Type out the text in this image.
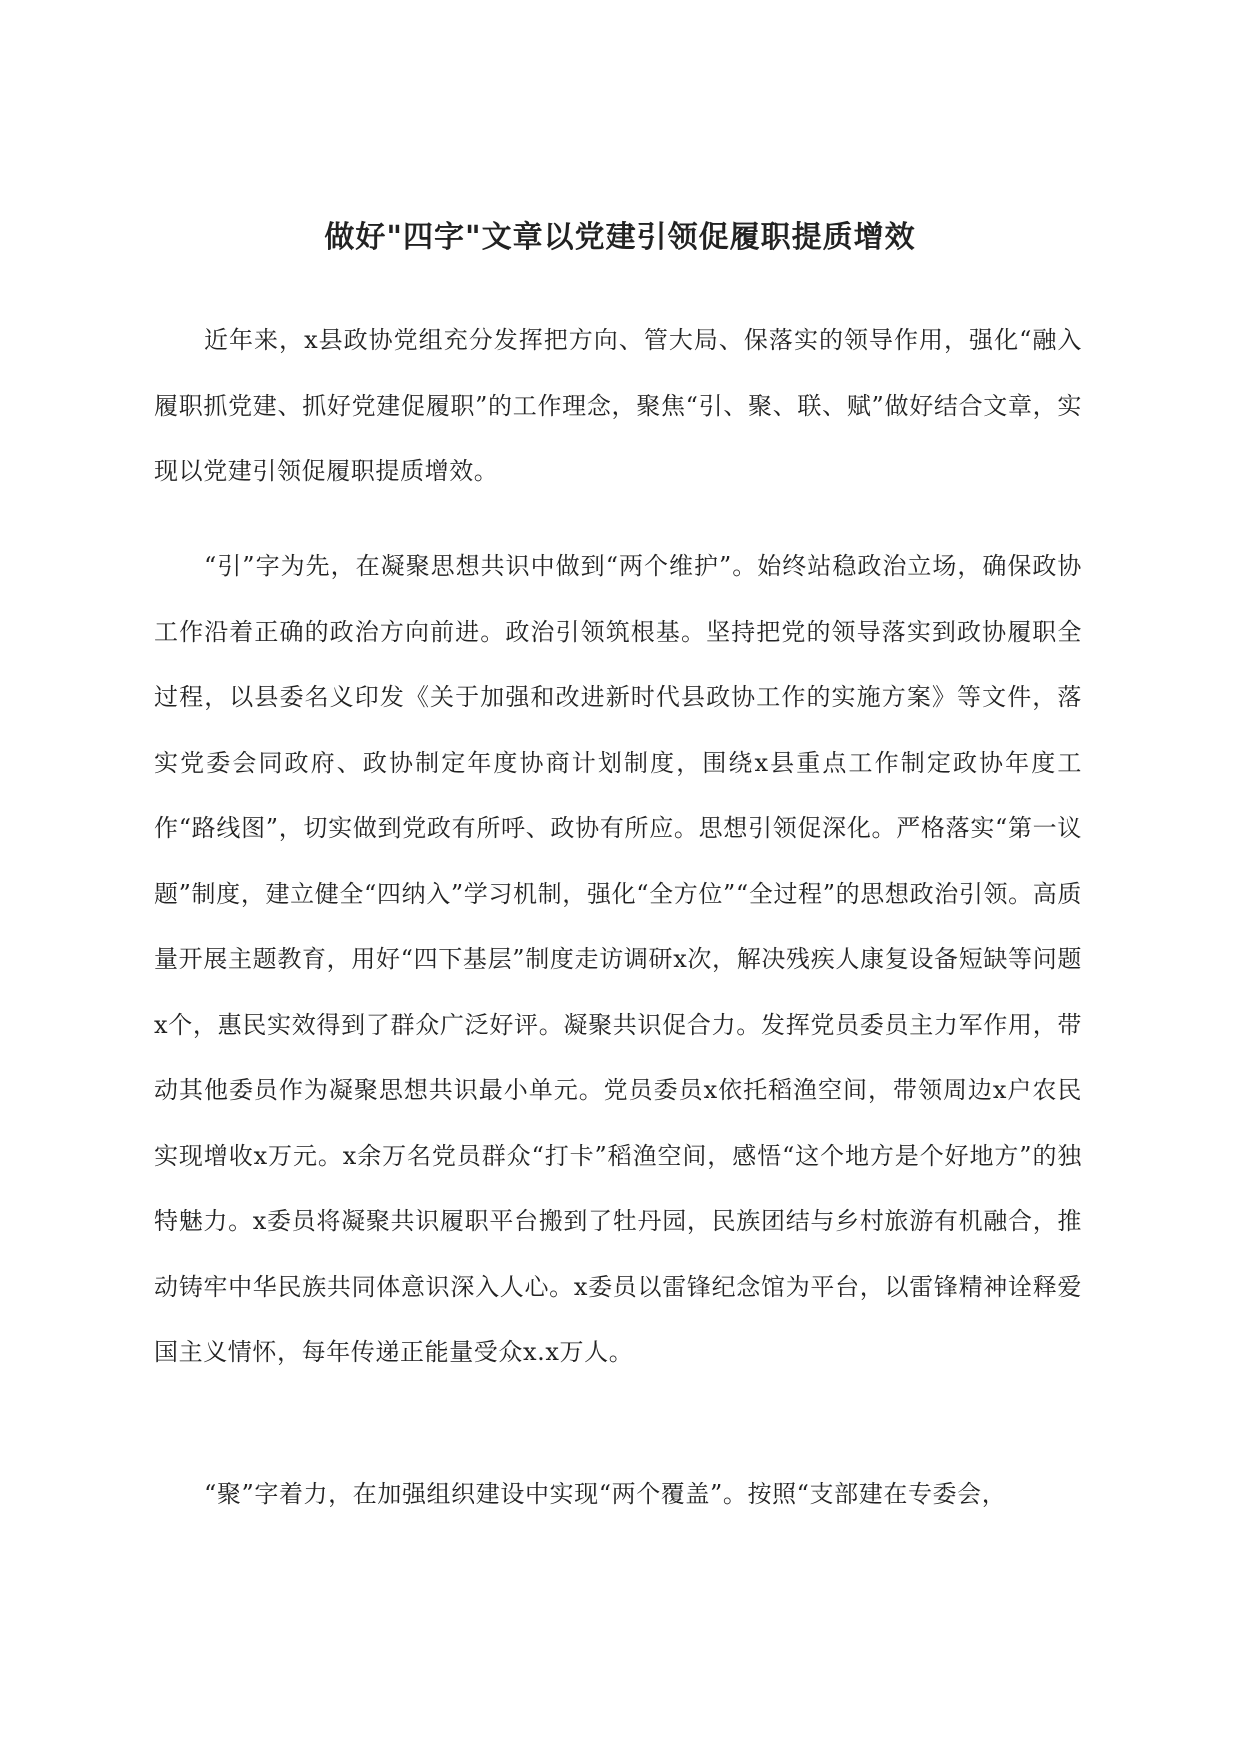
做好"四字"文章以党建引领促履职提质增效

近年来，x县政协党组充分发挥把方向、管大局、保落实的领导作用，强化“融入履职抓党建、抓好党建促履职”的工作理念，聚焦“引、聚、联、赋”做好结合文章，实现以党建引领促履职提质增效。

“引”字为先，在凝聚思想共识中做到“两个维护”。始终站稳政治立场，确保政协工作沿着正确的政治方向前进。政治引领筑根基。坚持把党的领导落实到政协履职全过程，以县委名义印发《关于加强和改进新时代县政协工作的实施方案》等文件，落实党委会同政府、政协制定年度协商计划制度，围绕x县重点工作制定政协年度工作“路线图”，切实做到党政有所呼、政协有所应。思想引领促深化。严格落实“第一议题”制度，建立健全“四纳入”学习机制，强化“全方位”“全过程”的思想政治引领。高质量开展主题教育，用好“四下基层”制度走访调研x次，解决残疾人康复设备短缺等问题x个，惠民实效得到了群众广泛好评。凝聚共识促合力。发挥党员委员主力军作用，带动其他委员作为凝聚思想共识最小单元。党员委员x依托稻渔空间，带领周边x户农民实现增收x万元。x余万名党员群众“打卡”稻渔空间，感悟“这个地方是个好地方”的独特魅力。x委员将凝聚共识履职平台搬到了牡丹园，民族团结与乡村旅游有机融合，推动铸牢中华民族共同体意识深入人心。x委员以雷锋纪念馆为平台，以雷锋精神诠释爱国主义情怀，每年传递正能量受众x.x万人。

“聚”字着力，在加强组织建设中实现“两个覆盖”。按照“支部建在专委会，
